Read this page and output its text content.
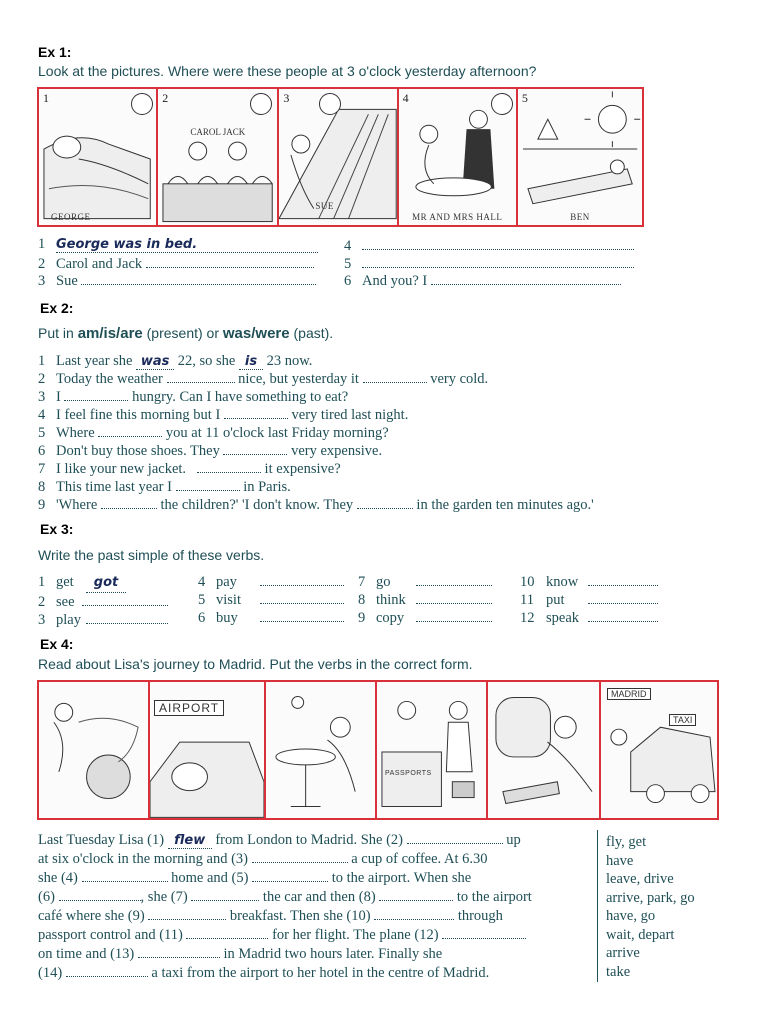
Ex 1:
Look at the pictures. Where were these people at 3 o'clock yesterday afternoon?
1
GEORGE
2
CAROL JACK
3
SUE
4
MR AND MRS HALL
5
BEN
1 George was in bed.
2 Carol and Jack
3 Sue
4
5
6 And you? I
Ex 2:
Put in am/is/are (present) or was/were (past).
1 Last year she was 22, so she is 23 now.
2 Today the weather	nice, but yesterday it	very cold.
3 I	hungry. Can I have something to eat?
4 I feel fine this morning but I	very tired last night.
5 Where	you at 11 o'clock last Friday morning?
6 Don't buy those shoes. They	very expensive.
7 I like your new jacket.	it expensive?
8 This time last year I	in Paris.
9 'Where	the children?' 'I don't know. They	in the garden ten minutes ago.'
Ex 3:
Write the past simple of these verbs.
1 get got
2 see
3 play
4 pay
5 visit
6 buy
7 go
8 think
9 copy
10 know
11 put
12 speak
Ex 4:
Read about Lisa's journey to Madrid. Put the verbs in the correct form.
AIRPORT
PASSPORTS
MADRID
TAXI
Last Tuesday Lisa (1) flew from London to Madrid. She (2)	up
at six o'clock in the morning and (3)	a cup of coffee. At 6.30
she (4)	home and (5)	to the airport. When she
(6)	, she (7)	the car and then (8)	to the airport
café where she (9)	breakfast. Then she (10)	through
passport control and (11)	for her flight. The plane (12)
on time and (13)	in Madrid two hours later. Finally she
(14)	a taxi from the airport to her hotel in the centre of Madrid.
fly, get
have
leave, drive
arrive, park, go
have, go
wait, depart
arrive
take
